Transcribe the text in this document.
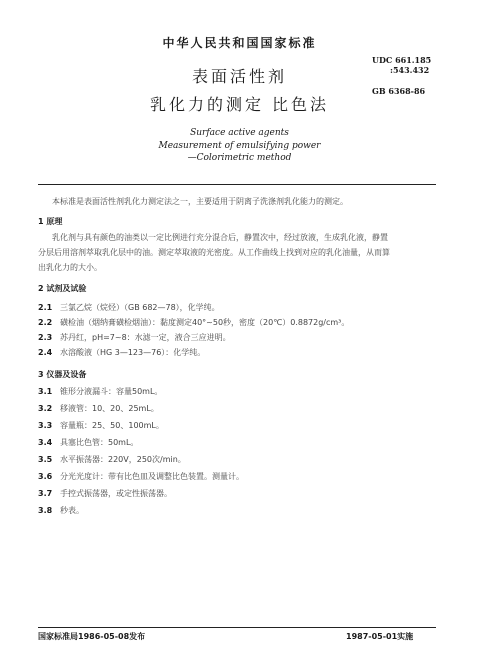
中华人民共和国国家标准
UDC 661.185
:543.432
GB 6368-86
表面活性剂
乳化力的测定 比色法
Surface active agents
Measurement of emulsifying power
—Colorimetric method
本标准是表面活性剂乳化力测定法之一，主要适用于阴离子洗涤剂乳化能力的测定。
1 原理
乳化剂与具有颜色的油类以一定比例进行充分混合后，静置次中，经过放液，生成乳化液，静置
分层后用溶剂萃取乳化层中的油。测定萃取液的光密度。从工作曲线上找到对应的乳化油量，从而算
出乳化力的大小。
2 试剂及试验
2.1 三氯乙烷（烷烃）（GB 682—78），化学纯。
2.2 磺检油（烟纳膏磺检烟油）：黏度测定40°~50秒，密度（20℃）0.8872g/cm³。
2.3 苏丹红，pH=7~8：水滤一定，液合三应进明。
2.4 水溶酸液（HG 3—123—76）：化学纯。
3 仪器及设备
3.1 锥形分液漏斗：容量50mL。
3.2 移液管：10、20、25mL。
3.3 容量瓶：25、50、100mL。
3.4 具塞比色管：50mL。
3.5 水平振荡器：220V，250次/min。
3.6 分光光度计：带有比色皿及调整比色装置。测量计。
3.7 手控式振荡器，或定性振荡器。
3.8 秒表。
国家标准局1986-05-08发布	1987-05-01实施
